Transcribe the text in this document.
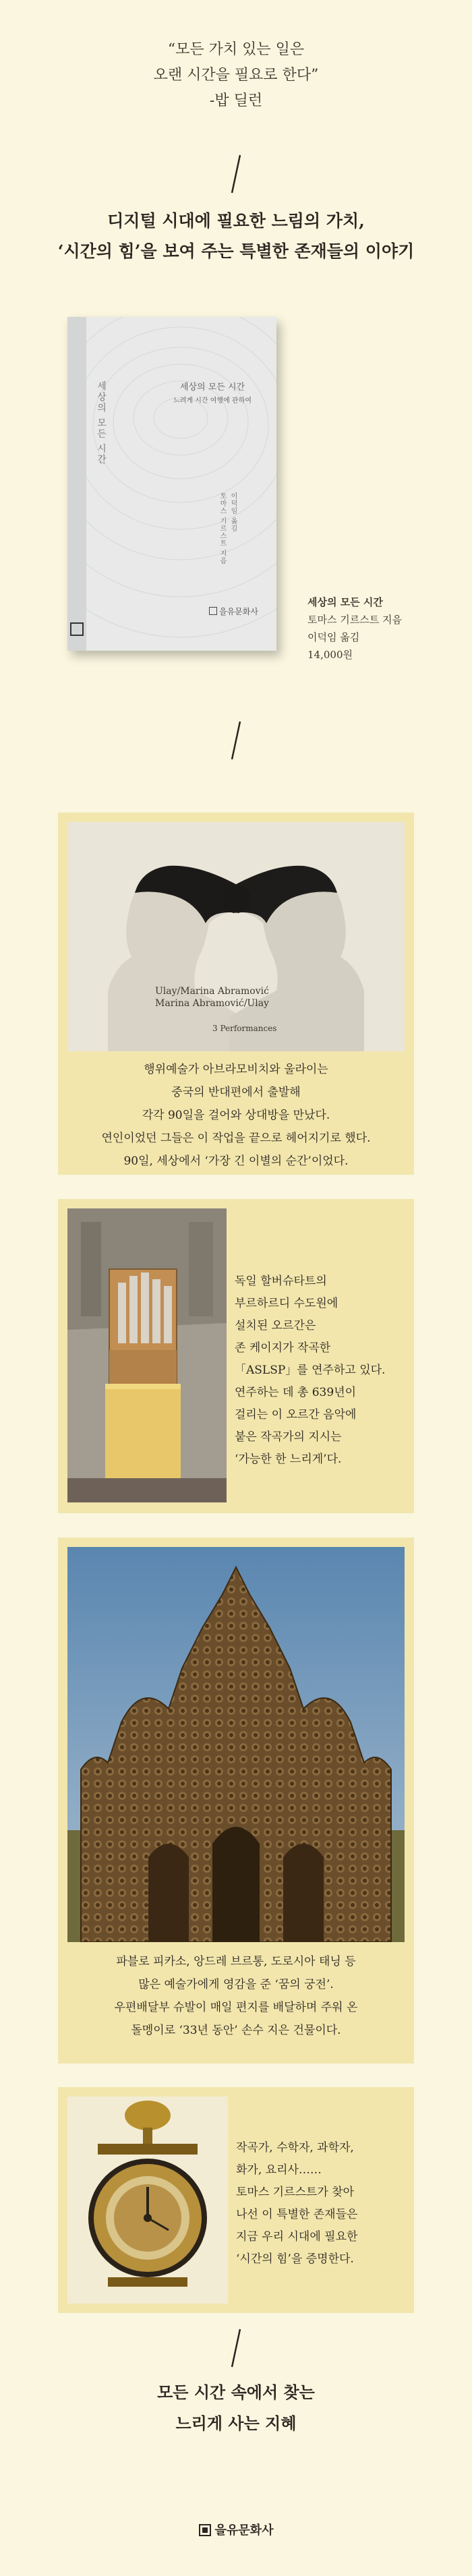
“모든 가치 있는 일은
오랜 시간을 필요로 한다”
-밥 딜런
디지털 시대에 필요한 느림의 가치,
‘시간의 힘’을 보여 주는 특별한 존재들의 이야기
세상의 모든 시간	세상의 모든 시간
느려게 시간 여행에 관하여
토마스 기르스트 지음 이덕임 옮김
을유문화사
세상의 모든 시간
토마스 기르스트 지음
이덕임 옮김
14,000원
Ulay/Marina Abramović
Marina Abramović/Ulay
3 Performances
행위예술가 아브라모비치와 울라이는
중국의 반대편에서 출발해
각각 90일을 걸어와 상대방을 만났다.
연인이었던 그들은 이 작업을 끝으로 헤어지기로 했다.
90일, 세상에서 ‘가장 긴 이별의 순간’이었다.
독일 할버슈타트의
부르하르디 수도원에
설치된 오르간은
존 케이지가 작곡한
「ASLSP」를 연주하고 있다.
연주하는 데 총 639년이
걸리는 이 오르간 음악에
붙은 작곡가의 지시는
‘가능한 한 느리게’다.
파블로 피카소, 앙드레 브르통, 도로시아 태닝 등
많은 예술가에게 영감을 준 ‘꿈의 궁전’.
우편배달부 슈발이 매일 편지를 배달하며 주워 온
돌멩이로 ‘33년 동안’ 손수 지은 건물이다.
작곡가, 수학자, 과학자,
화가, 요리사……
토마스 기르스트가 찾아
나선 이 특별한 존재들은
지금 우리 시대에 필요한
‘시간의 힘’을 증명한다.
모든 시간 속에서 찾는
느리게 사는 지혜
을유문화사
